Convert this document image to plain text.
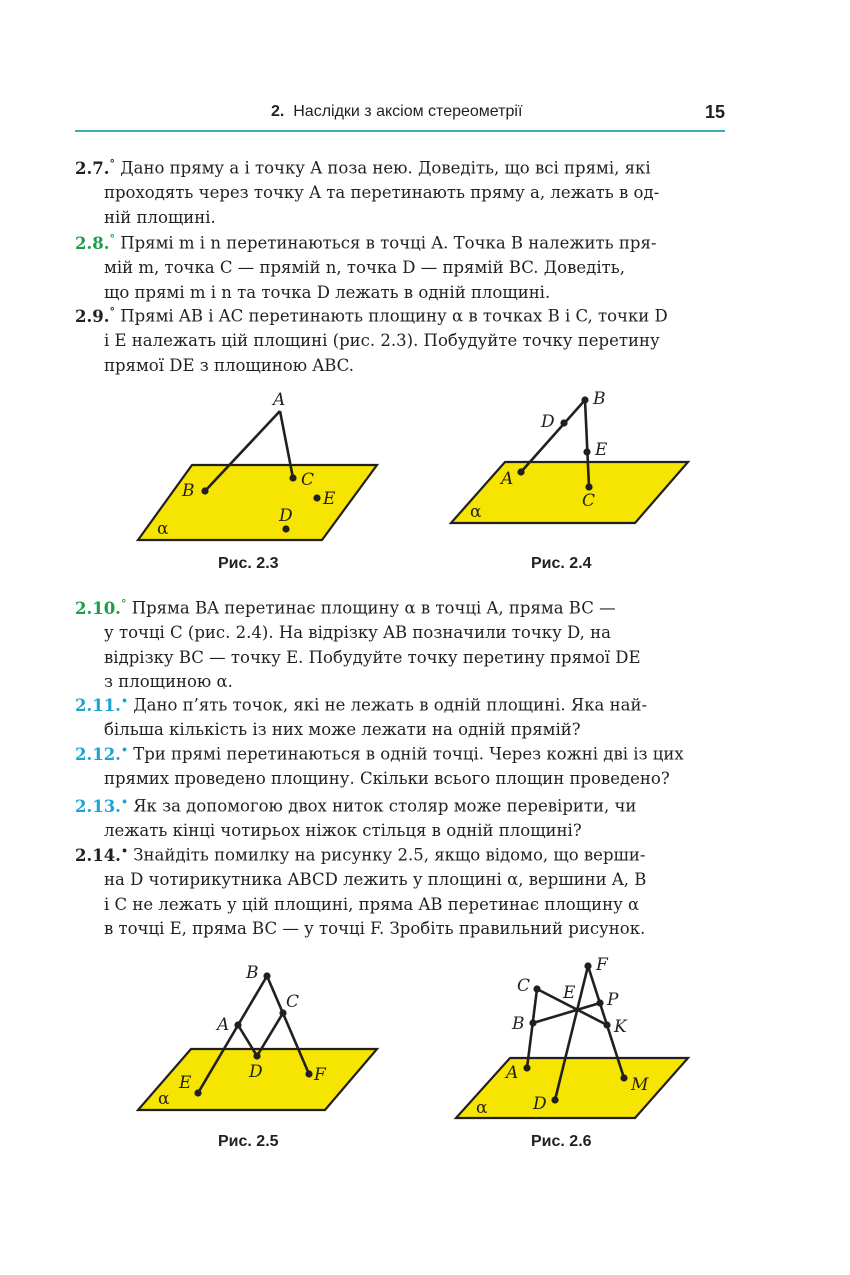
2. Наслідки з аксіом стереометрії	15
2.7.° Дано пряму a і точку A поза нею. Доведіть, що всі прямі, які
проходять через точку A та перетинають пряму a, лежать в од-
ній площині.
2.8.° Прямі m і n перетинаються в точці A. Точка B належить пря-
мій m, точка C — прямій n, точка D — прямій BC. Доведіть,
що прямі m і n та точка D лежать в одній площині.
2.9.° Прямі AB і AC перетинають площину α в точках B і C, точки D
і E належать цій площині (рис. 2.3). Побудуйте точку перетину
прямої DE з площиною ABC.
A
B
C
E
D
α
Рис. 2.3
B
D
E
A
C
α
Рис. 2.4
2.10.° Пряма BA перетинає площину α в точці A, пряма BC —
у точці C (рис. 2.4). На відрізку AB позначили точку D, на
відрізку BC — точку E. Побудуйте точку перетину прямої DE
з площиною α.
2.11.• Дано п’ять точок, які не лежать в одній площині. Яка най-
більша кількість із них може лежати на одній прямій?
2.12.• Три прямі перетинаються в одній точці. Через кожні дві із цих
прямих проведено площину. Скільки всього площин проведено?
2.13.• Як за допомогою двох ниток столяр може перевірити, чи
лежать кінці чотирьох ніжок стільця в одній площині?
2.14.• Знайдіть помилку на рисунку 2.5, якщо відомо, що верши-
на D чотирикутника ABCD лежить у площині α, вершини A, B
і C не лежать у цій площині, пряма AB перетинає площину α
в точці E, пряма BC — у точці F. Зробіть правильний рисунок.
B
C
A
D
E	F
α
Рис. 2.5
F
C E P
B	K
A
M
D
α
Рис. 2.6
